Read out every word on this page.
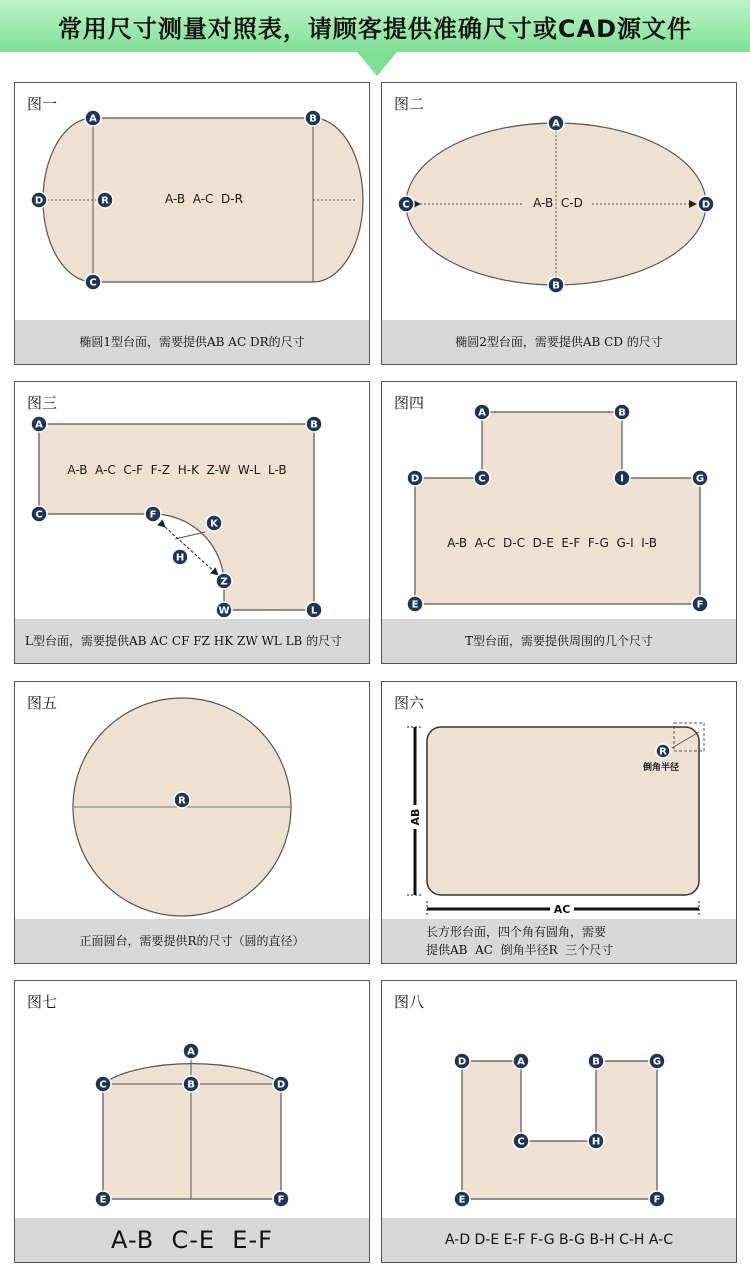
常用尺寸测量对照表，请顾客提供准确尺寸或CAD源文件
A-B  A-C  D-R
A	B
C
D	R
图一
椭圆1型台面，需要提供AB AC DR的尺寸
A-B  C-D
A
B
C	D
图二
椭圆2型台面，需要提供AB CD 的尺寸
A-B  A-C  C-F  F-Z  H-K  Z-W  W-L  L-B
A	B
C	F
K
H
Z
W	L
图三
L型台面，需要提供AB AC CF FZ HK ZW WL LB 的尺寸
A-B  A-C  D-C  D-E  E-F  F-G  G-I  I-B
A	B
D	C	I	G
E	F
图四
T型台面，需要提供周围的几个尺寸
R
图五
正面圆台，需要提供R的尺寸（圆的直径）
AB
AC
R
倒角半径
图六
长方形台面，四个角有圆角，需要
提供AB  AC  倒角半径R  三个尺寸
A
C	B	D
E	F
图七
A-B  C-E  E-F
D	A	B	G
C	H
E	F
图八
A-D D-E E-F F-G B-G B-H C-H A-C
